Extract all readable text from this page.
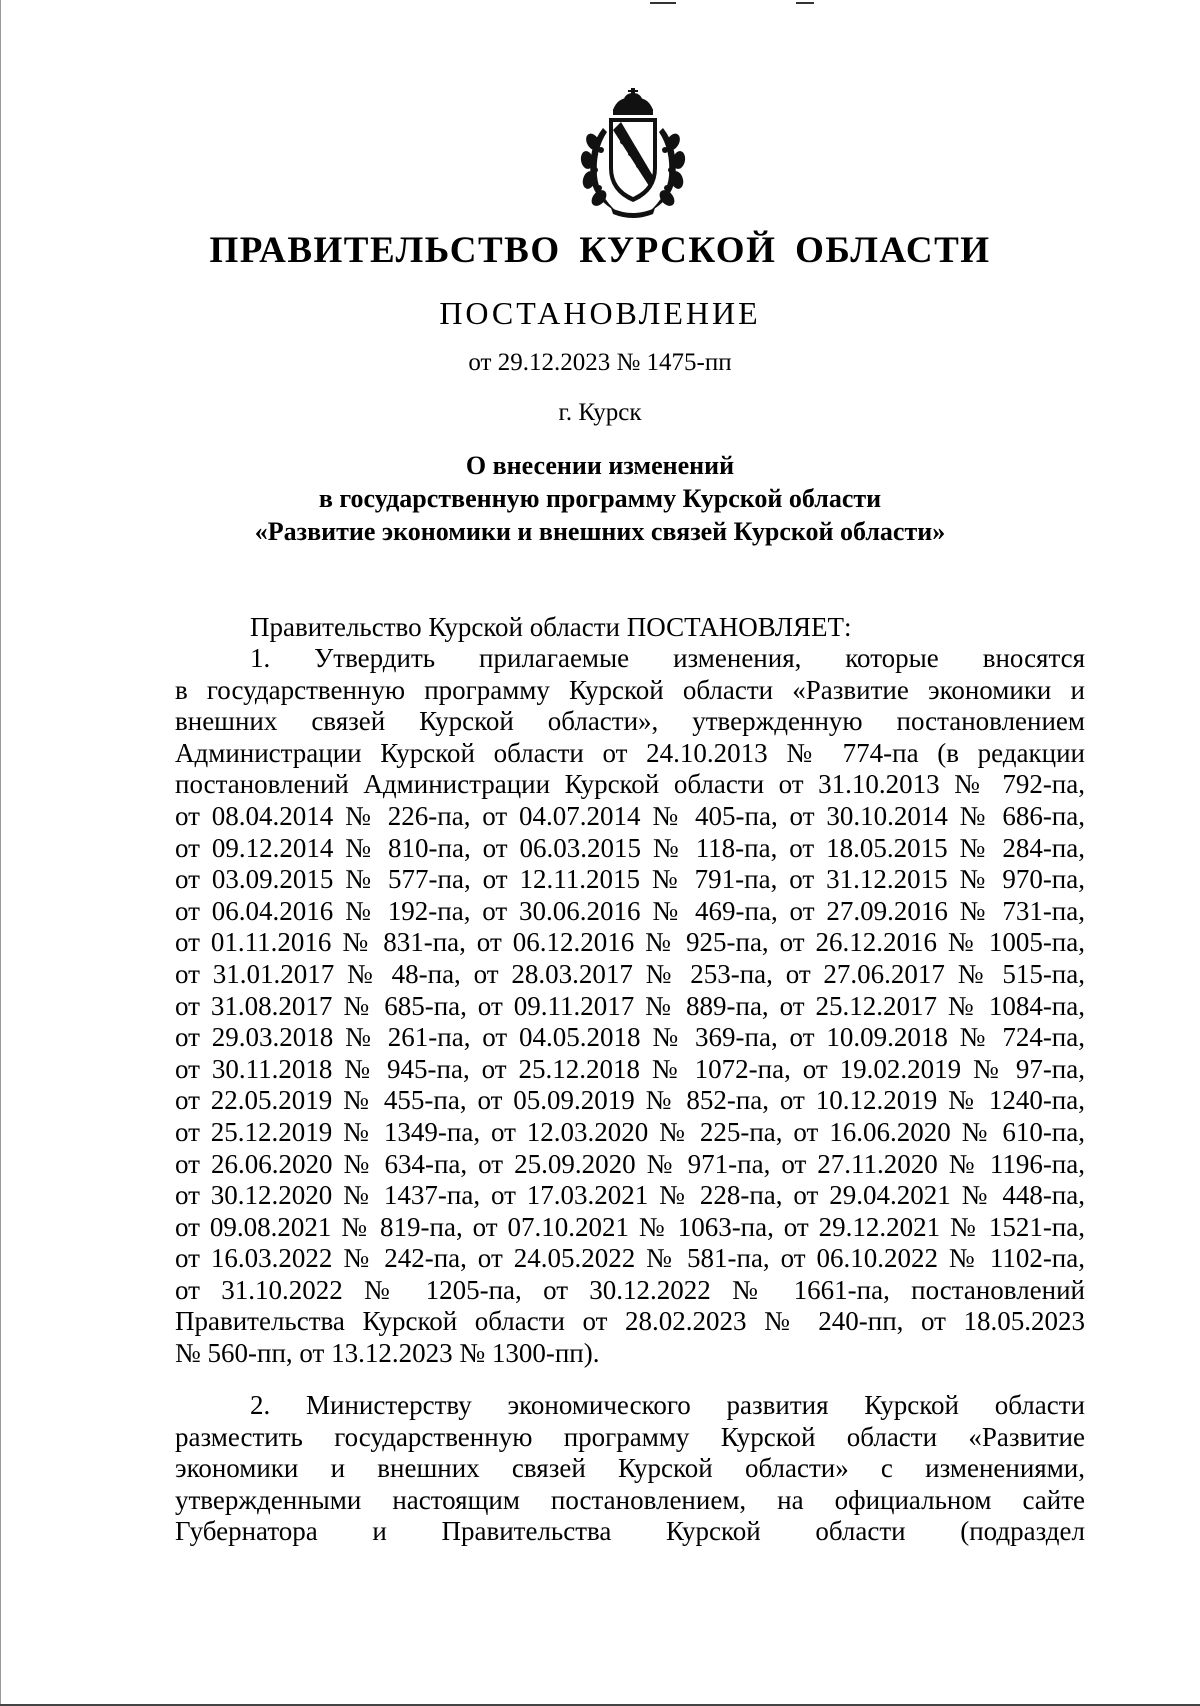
ПРАВИТЕЛЬСТВО КУРСКОЙ ОБЛАСТИ
ПОСТАНОВЛЕНИЕ
от 29.12.2023 № 1475-пп
г. Курск
О внесении изменений
в государственную программу Курской области
«Развитие экономики и внешних связей Курской области»
Правительство Курской области ПОСТАНОВЛЯЕТ:
1. Утвердить прилагаемые изменения, которые вносятся
в государственную программу Курской области «Развитие экономики и
внешних связей Курской области», утвержденную постановлением
Администрации Курской области от 24.10.2013 № 774-па (в редакции
постановлений Администрации Курской области от 31.10.2013 № 792-па,
от 08.04.2014 № 226-па, от 04.07.2014 № 405-па, от 30.10.2014 № 686-па,
от 09.12.2014 № 810-па, от 06.03.2015 № 118-па, от 18.05.2015 № 284-па,
от 03.09.2015 № 577-па, от 12.11.2015 № 791-па, от 31.12.2015 № 970-па,
от 06.04.2016 № 192-па, от 30.06.2016 № 469-па, от 27.09.2016 № 731-па,
от 01.11.2016 № 831-па, от 06.12.2016 № 925-па, от 26.12.2016 № 1005-па,
от 31.01.2017 № 48-па, от 28.03.2017 № 253-па, от 27.06.2017 № 515-па,
от 31.08.2017 № 685-па, от 09.11.2017 № 889-па, от 25.12.2017 № 1084-па,
от 29.03.2018 № 261-па, от 04.05.2018 № 369-па, от 10.09.2018 № 724-па,
от 30.11.2018 № 945-па, от 25.12.2018 № 1072-па, от 19.02.2019 № 97-па,
от 22.05.2019 № 455-па, от 05.09.2019 № 852-па, от 10.12.2019 № 1240-па,
от 25.12.2019 № 1349-па, от 12.03.2020 № 225-па, от 16.06.2020 № 610-па,
от 26.06.2020 № 634-па, от 25.09.2020 № 971-па, от 27.11.2020 № 1196-па,
от 30.12.2020 № 1437-па, от 17.03.2021 № 228-па, от 29.04.2021 № 448-па,
от 09.08.2021 № 819-па, от 07.10.2021 № 1063-па, от 29.12.2021 № 1521-па,
от 16.03.2022 № 242-па, от 24.05.2022 № 581-па, от 06.10.2022 № 1102-па,
от 31.10.2022 № 1205-па, от 30.12.2022 № 1661-па, постановлений
Правительства Курской области от 28.02.2023 № 240-пп, от 18.05.2023
№ 560-пп, от 13.12.2023 № 1300-пп).
2. Министерству экономического развития Курской области
разместить государственную программу Курской области «Развитие
экономики и внешних связей Курской области» с изменениями,
утвержденными настоящим постановлением, на официальном сайте
Губернатора и Правительства Курской области (подраздел
